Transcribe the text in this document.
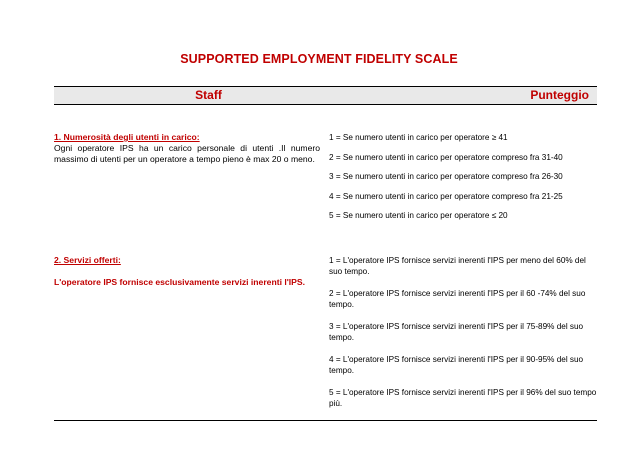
SUPPORTED EMPLOYMENT FIDELITY SCALE
Staff	Punteggio
1. Numerosità degli utenti in carico:
Ogni operatore IPS ha un carico personale di utenti .Il numero massimo di utenti per un operatore a tempo pieno è max 20 o meno.
1 = Se numero utenti in carico per operatore ≥ 41
2 = Se numero utenti in carico per operatore compreso fra 31-40
3 = Se numero utenti in carico per operatore compreso fra 26-30
4 = Se numero utenti in carico per operatore compreso fra 21-25
5 = Se numero utenti in carico per operatore ≤ 20
2. Servizi offerti:
L'operatore IPS fornisce esclusivamente servizi inerenti l'IPS.
1 = L'operatore IPS fornisce servizi inerenti l'IPS per meno del 60% del suo tempo.
2 = L'operatore IPS fornisce servizi inerenti l'IPS per il 60 -74% del suo tempo.
3 = L'operatore IPS fornisce servizi inerenti l'IPS per il 75-89% del suo tempo.
4 = L'operatore IPS fornisce servizi inerenti l'IPS per il 90-95% del suo tempo.
5 = L'operatore IPS fornisce servizi inerenti l'IPS per il 96% del suo tempo più.
